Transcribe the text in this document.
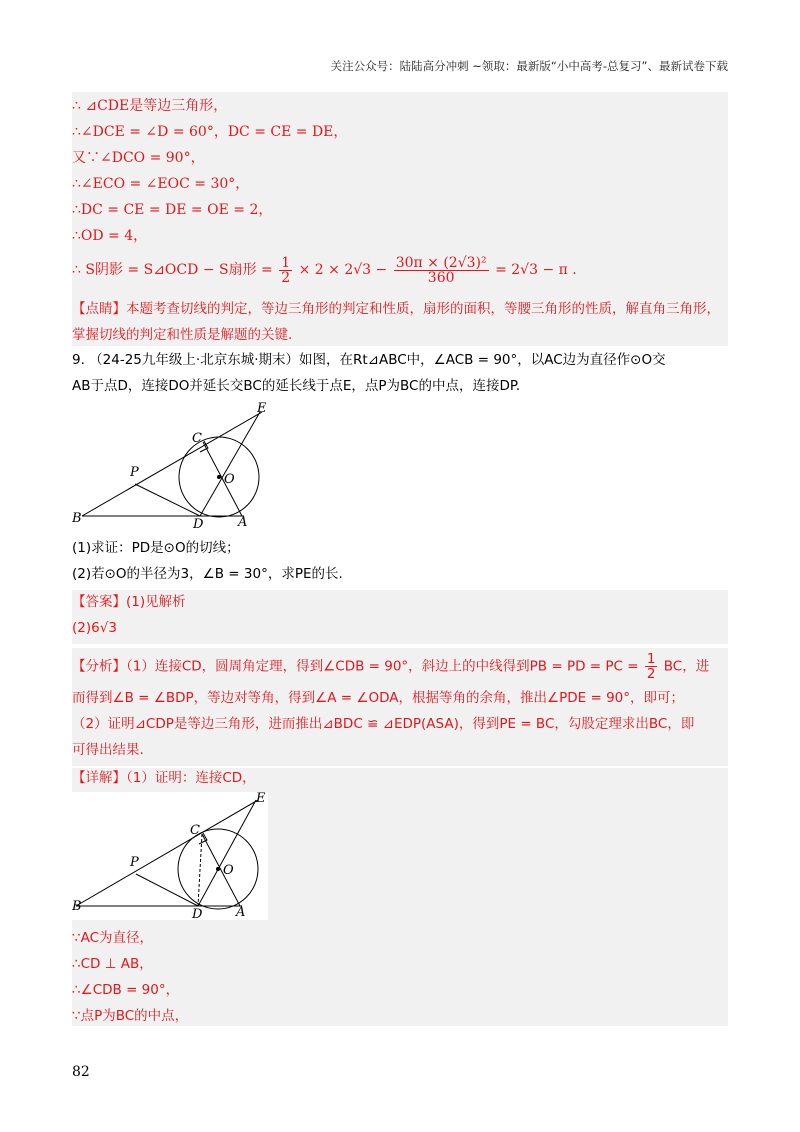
关注公众号：陆陆高分冲刺 ~领取：最新版“小中高考-总复习”、最新试卷下载
∴ ⊿CDE是等边三角形，
∴∠DCE = ∠D = 60°，DC = CE = DE，
又∵∠DCO = 90°，
∴∠ECO = ∠EOC = 30°，
∴DC = CE = DE = OE = 2，
∴OD = 4，
∴ S阴影 = S⊿OCD − S扇形 = $\frac{1}{2} \times 2 \times 2√3 - \frac{\text{30π × (2√3)²}}{360} = 2√3 - \pi$ .
【点睛】本题考查切线的判定，等边三角形的判定和性质，扇形的面积，等腰三角形的性质，解直角三角形，掌握切线的判定和性质是解题的关键.
9. （24-25九年级上·北京东城·期末）如图，在Rt⊿ABC中，∠ACB = 90°，以AC边为直径作⊙O交
AB于点D，连接DO并延长交BC的延长线于点E，点P为BC的中点，连接DP.
E
C
P	O
B	D	A
(1)求证：PD是⊙O的切线；
(2)若⊙O的半径为3，∠B = 30°，求PE的长.
【答案】(1)见解析
(2)6√3
【分析】（1）连接CD，圆周角定理，得到∠CDB = 90°，斜边上的中线得到PB = PD = PC = $\frac{1}{2}$ BC，进
而得到∠B = ∠BDP，等边对等角，得到∠A = ∠ODA，根据等角的余角，推出∠PDE = 90°，即可；
（2）证明⊿CDP是等边三角形，进而推出⊿BDC ≌ ⊿EDP(ASA)，得到PE = BC，勾股定理求出BC，即
可得出结果.
【详解】（1）证明：连接CD，
E
C
P
O
B
D	A
∵AC为直径，
∴CD ⊥ AB，
∴∠CDB = 90°，
∵点P为BC的中点，
82
